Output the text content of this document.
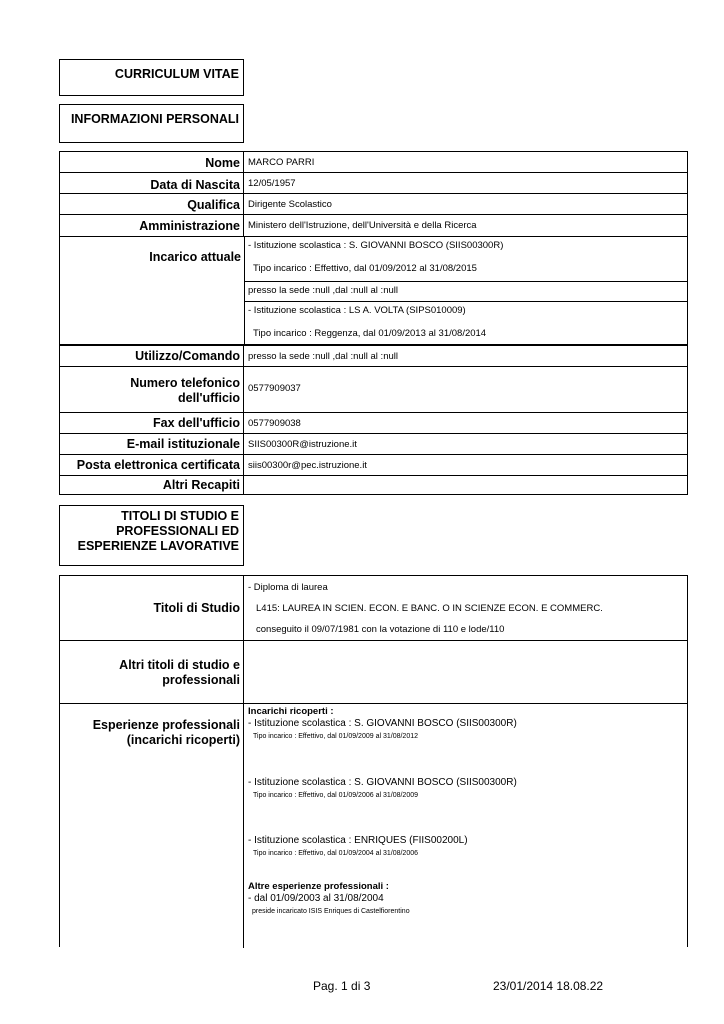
CURRICULUM VITAE
INFORMAZIONI PERSONALI
Nome MARCO PARRI
Data di Nascita 12/05/1957
Qualifica Dirigente Scolastico
Amministrazione Ministero dell'Istruzione, dell'Università e della Ricerca
Incarico attuale
- Istituzione scolastica : S. GIOVANNI BOSCO (SIIS00300R)
Tipo incarico : Effettivo, dal 01/09/2012 al 31/08/2015
presso la sede :null ,dal :null al :null
- Istituzione scolastica : LS A. VOLTA (SIPS010009)
Tipo incarico : Reggenza, dal 01/09/2013 al 31/08/2014
Utilizzo/Comando presso la sede :null ,dal :null al :null
Numero telefonico
dell'ufficio
0577909037
Fax dell'ufficio 0577909038
E-mail istituzionale SIIS00300R@istruzione.it
Posta elettronica certificata siis00300r@pec.istruzione.it
Altri Recapiti
TITOLI DI STUDIO E
PROFESSIONALI ED
ESPERIENZE LAVORATIVE
Titoli di Studio
- Diploma di laurea
L415: LAUREA IN SCIEN. ECON. E BANC. O IN SCIENZE ECON. E COMMERC.
conseguito il 09/07/1981 con la votazione di 110 e lode/110
Altri titoli di studio e
professionali
Esperienze professionali
(incarichi ricoperti)
Incarichi ricoperti :
- Istituzione scolastica : S. GIOVANNI BOSCO (SIIS00300R)
Tipo incarico : Effettivo, dal 01/09/2009 al 31/08/2012
- Istituzione scolastica : S. GIOVANNI BOSCO (SIIS00300R)
Tipo incarico : Effettivo, dal 01/09/2006 al 31/08/2009
- Istituzione scolastica : ENRIQUES (FIIS00200L)
Tipo incarico : Effettivo, dal 01/09/2004 al 31/08/2006
Altre esperienze professionali :
- dal 01/09/2003 al 31/08/2004
preside incaricato ISIS Enriques di Castelfiorentino
Pag. 1 di 3	23/01/2014 18.08.22
